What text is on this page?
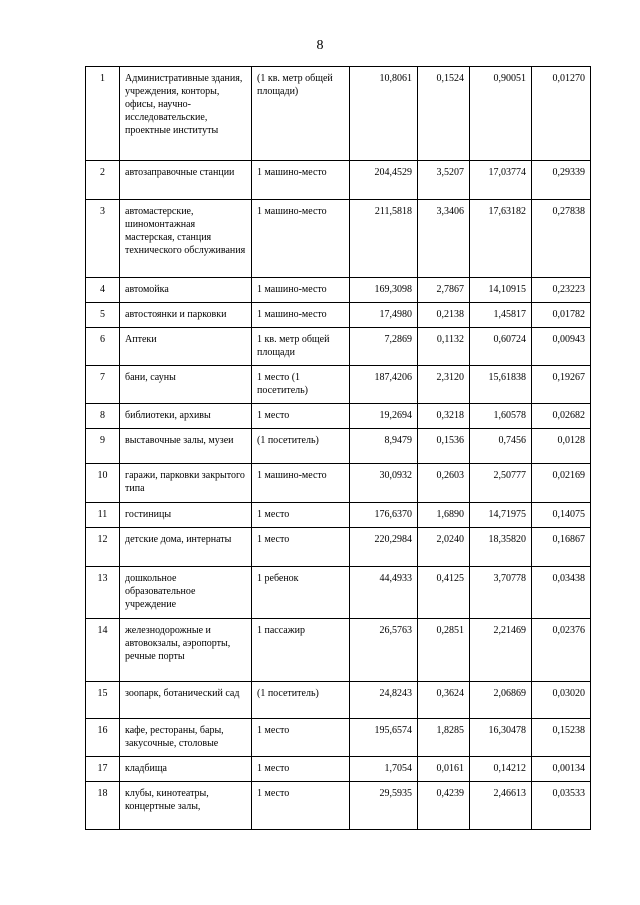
8
1	Административные здания, учреждения, конторы, офисы, научно-исследовательские, проектные институты	(1 кв. метр общей площади)	10,8061	0,1524	0,90051	0,01270
2	автозаправочные станции	1 машино-место	204,4529	3,5207	17,03774	0,29339
3	автомастерские, шиномонтажная мастерская, станция технического обслуживания	1 машино-место	211,5818	3,3406	17,63182	0,27838
4	автомойка	1 машино-место	169,3098	2,7867	14,10915	0,23223
5	автостоянки и парковки	1 машино-место	17,4980	0,2138	1,45817	0,01782
6	Аптеки	1 кв. метр общей площади	7,2869	0,1132	0,60724	0,00943
7	бани, сауны	1 место (1 посетитель)	187,4206	2,3120	15,61838	0,19267
8	библиотеки, архивы	1 место	19,2694	0,3218	1,60578	0,02682
9	выставочные залы, музеи	(1 посетитель)	8,9479	0,1536	0,7456	0,0128
10	гаражи, парковки закрытого типа	1 машино-место	30,0932	0,2603	2,50777	0,02169
11	гостиницы	1 место	176,6370	1,6890	14,71975	0,14075
12	детские дома, интернаты	1 место	220,2984	2,0240	18,35820	0,16867
13	дошкольное образовательное учреждение	1 ребенок	44,4933	0,4125	3,70778	0,03438
14	железнодорожные и автовокзалы, аэропорты, речные порты	1 пассажир	26,5763	0,2851	2,21469	0,02376
15	зоопарк, ботанический сад	(1 посетитель)	24,8243	0,3624	2,06869	0,03020
16	кафе, рестораны, бары, закусочные, столовые	1 место	195,6574	1,8285	16,30478	0,15238
17	кладбища	1 место	1,7054	0,0161	0,14212	0,00134
18	клубы, кинотеатры, концертные залы,	1 место	29,5935	0,4239	2,46613	0,03533
